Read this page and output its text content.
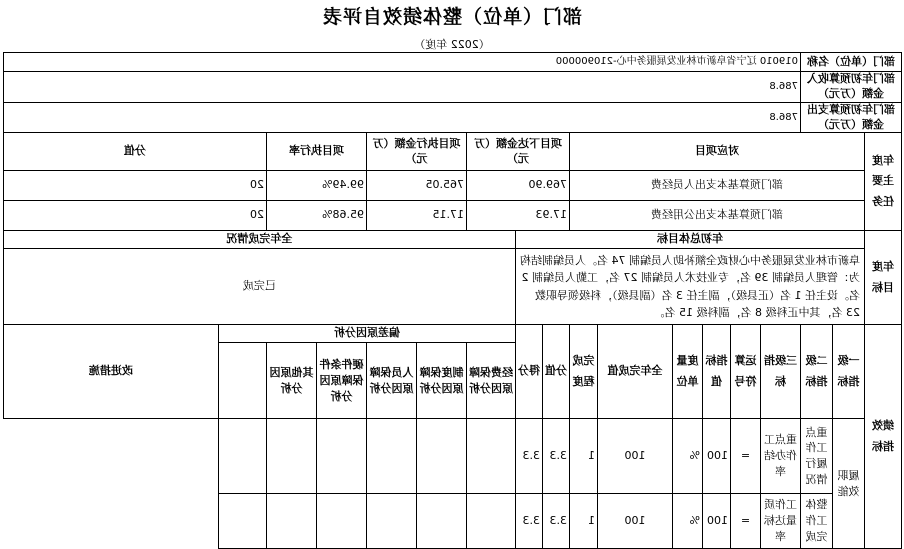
部门（单位）整体绩效自评表
（2022 年度）
部门（单位）名称			019010 辽宁省阜新市林业发展服务中心-210900000															
部门年初预算收入金额（万元）			786.8															
部门年初预算支出金额（万元）			786.8															
年度主要任务	对应项目								项目下达金额（万元）			项目执行金额（万元）		项目执行率		分值	
	部门预算基本支出人员经费								769.90			765.05		99.49%		20	
	部门预算基本支出公用经费								17.93			17.15		95.68%		20	
年度目标	年初总体目标										全年完成情况							
	阜新市林业发展服务中心财政全额补助人员编制 74 名。人员编制结构为：管理人员编制 39 名，专业技术人员编制 27 名，工勤人员编制 2 名。设主任 1 名（正县级），副主任 3 名（副县级），科级领导职数 23 名，其中正科级 8 名，副科级 15 名。										已完成							
绩效指标	一级指标	二级指标	三级指标	运算符号	指标值	度量单位	全年完成值	完成程度	分值	得分	偏差原因分析						改进措施	
											经费保障原因分析	制度保障原因分析	人员保障原因分析	硬件条件保障原因分析	其他原因分析			
	履职效能	重点工作履行情况	重点工作办结率	=	100	%	100	1	3.3	3.3								
		整体工作完成	工作质量达标率	=	100	%	100	1	3.3	3.3								
